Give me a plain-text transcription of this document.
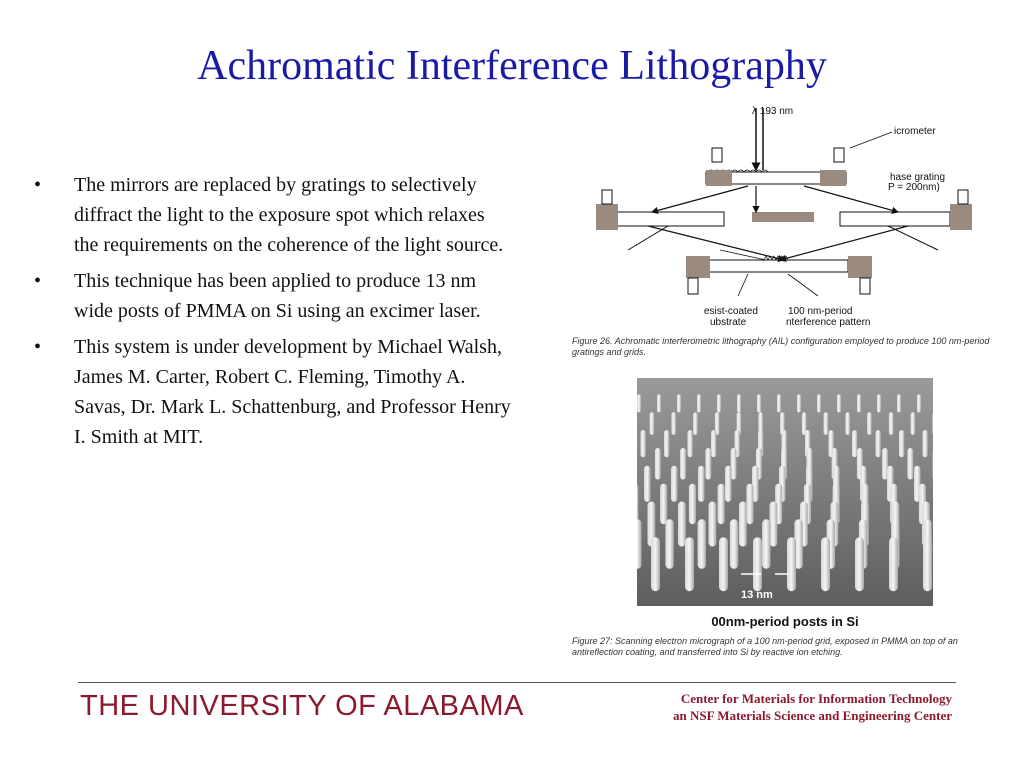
Achromatic Interference Lithography
• The mirrors are replaced by gratings to selectively diffract the light to the exposure spot which relaxes the requirements on the coherence of the light source.
• This technique has been applied to produce 13 nm wide posts of PMMA on Si using an excimer laser.
• This system is under development by Michael Walsh, James M. Carter, Robert C. Fleming, Timothy A. Savas, Dr. Mark L. Schattenburg, and Professor Henry I. Smith at MIT.
λ 193 nm
icrometer
hase grating
P = 200nm)
esist-coated
ubstrate
100 nm-period
nterference pattern
Figure 26. Achromatic interferometric lithography (AIL) configuration employed to produce 100 nm-period gratings and grids.
13 nm
00nm-period posts in Si
Figure 27: Scanning electron micrograph of a 100 nm-period grid, exposed in PMMA on top of an antireflection coating, and transferred into Si by reactive ion etching.
THE UNIVERSITY OF ALABAMA	Center for Materials for Information Technology
an NSF Materials Science and Engineering Center
